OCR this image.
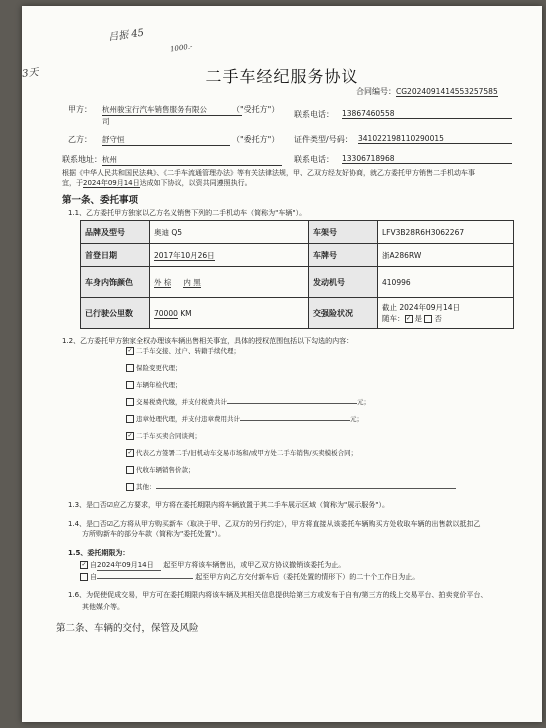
吕振 45
1000.-
3天	二手车经纪服务协议
合同编号：CG2024091414553257585
甲方： 杭州骏宝行汽车销售服务有限公
司
（"受托方"）
联系电话： 13867460558
乙方： 舒守恒	（"委托方"） 证件类型/号码： 341022198110290015
联系地址： 杭州	联系电话： 13306718968
根据《中华人民共和国民法典》、《二手车流通管理办法》等有关法律法规，甲、乙双方经友好协商，就乙方委托甲方销售二手机动车事
宜，于2024年09月14日达成如下协议，以资共同遵照执行。
第一条、委托事项
1.1、乙方委托甲方独家以乙方名义销售下列的二手机动车（简称为"车辆"）。
品牌及型号	奥迪 Q5	车架号	LFV3B28R6H3062267
首登日期	2017年10月26日	车牌号	浙A286RW
车身内饰颜色	外 棕 内 黑	发动机号	410996
已行驶公里数	70000 KM	交强险状况	截止 2024年09月14日
随车：✓ 是 否
1.2、乙方委托甲方独家全权办理该车辆出售相关事宜，具体的授权范围包括以下勾选的内容：
✓ 二手车交接、过户、转籍手续代理；
保险变更代理；
车辆年检代理；
交易税费代缴，并支付税费共计	元；
违章处理代理，并支付违章费用共计	元；
✓ 二手车买卖合同谈判；
✓ 代表乙方签署二手/旧机动车交易市场和/或甲方处二手车销售/买卖模板合同；
代收车辆销售价款；
其他：
1.3、是□否☑应乙方要求，甲方将在委托期限内将车辆放置于其二手车展示区域（简称为"展示服务"）。
1.4、是□否☑乙方将从甲方购买新车（取决于甲、乙双方的另行约定），甲方将直接从该委托车辆购买方处收取车辆的出售款以抵扣乙
方所购新车的部分车款（简称为"委托处置"）。
1.5、委托期限为：
✓ 自2024年09月14日 起至甲方将该车辆售出，或甲乙双方协议撤销该委托为止。
自	起至甲方向乙方交付新车后（委托处置的情形下）的二十个工作日为止。
1.6、为促使促成交易，甲方可在委托期限内将该车辆及其相关信息提供给第三方或发布于自有/第三方的线上交易平台、拍卖竞价平台、
其他媒介等。
第二条、车辆的交付，保管及风险
